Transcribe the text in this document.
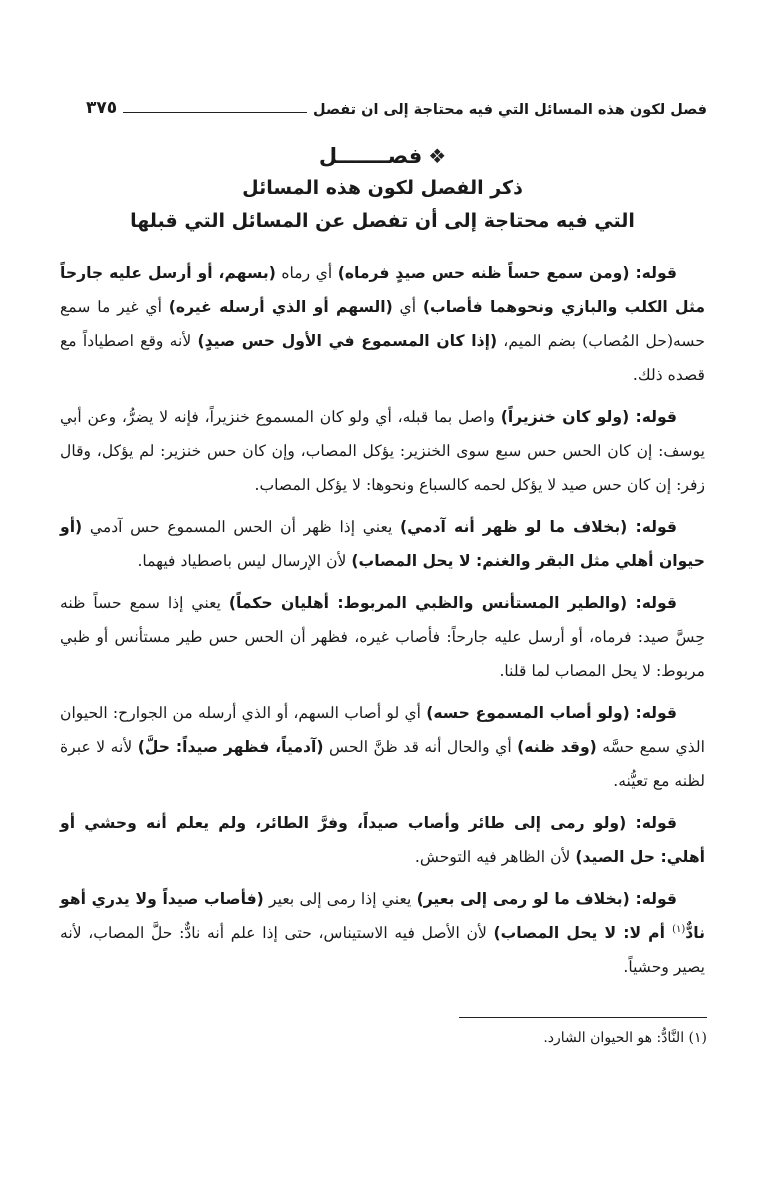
فصل لكون هذه المسائل التي فيه محتاجة إلى ان تفصل
٣٧٥
❖فصـــــــل
ذكر الفصل لكون هذه المسائل
التي فيه محتاجة إلى أن تفصل عن المسائل التي قبلها

قوله: (ومن سمع حساً ظنه حس صيدٍ فرماه) أي رماه (بسهم، أو أرسل عليه جارحاً مثل الكلب والبازي ونحوهما فأصاب) أي (السهم أو الذي أرسله غيره) أي غير ما سمع حسه(حل المُصاب) بضم الميم، (إذا كان المسموع في الأول حس صيدٍ) لأنه وقع اصطياداً مع قصده ذلك.

قوله: (ولو كان خنزيراً) واصل بما قبله، أي ولو كان المسموع خنزيراً، فإنه لا يضرُّ، وعن أبي يوسف: إن كان الحس حس سبع سوى الخنزير: يؤكل المصاب، وإن كان حس خنزير: لم يؤكل، وقال زفر: إن كان حس صيد لا يؤكل لحمه كالسباع ونحوها: لا يؤكل المصاب.

قوله: (بخلاف ما لو ظهر أنه آدمي) يعني إذا ظهر أن الحس المسموع حس آدمي (أو حيوان أهلي مثل البقر والغنم: لا يحل المصاب) لأن الإرسال ليس باصطياد فيهما.

قوله: (والطير المستأنس والظبي المربوط: أهليان حكماً) يعني إذا سمع حساً ظنه حِسَّ صيد: فرماه، أو أرسل عليه جارحاً: فأصاب غيره، فظهر أن الحس حس طير مستأنس أو ظبي مربوط: لا يحل المصاب لما قلنا.

قوله: (ولو أصاب المسموع حسه) أي لو أصاب السهم، أو الذي أرسله من الجوارح: الحيوان الذي سمع حسَّه (وقد ظنه) أي والحال أنه قد ظنَّ الحس (آدمياً، فظهر صيداً: حلَّ) لأنه لا عبرة لظنه مع تعيُّنه.

قوله: (ولو رمى إلى طائر وأصاب صيداً، وفرَّ الطائر، ولم يعلم أنه وحشي أو أهلي: حل الصيد) لأن الظاهر فيه التوحش.

قوله: (بخلاف ما لو رمى إلى بعير) يعني إذا رمى إلى بعير (فأصاب صيداً ولا يدري أهو نادٌّ$^{(١)}$ أم لا: لا يحل المصاب) لأن الأصل فيه الاستيناس، حتى إذا علم أنه نادٌّ: حلَّ المصاب، لأنه يصير وحشياً.

(١) النَّادُّ: هو الحيوان الشارد.
